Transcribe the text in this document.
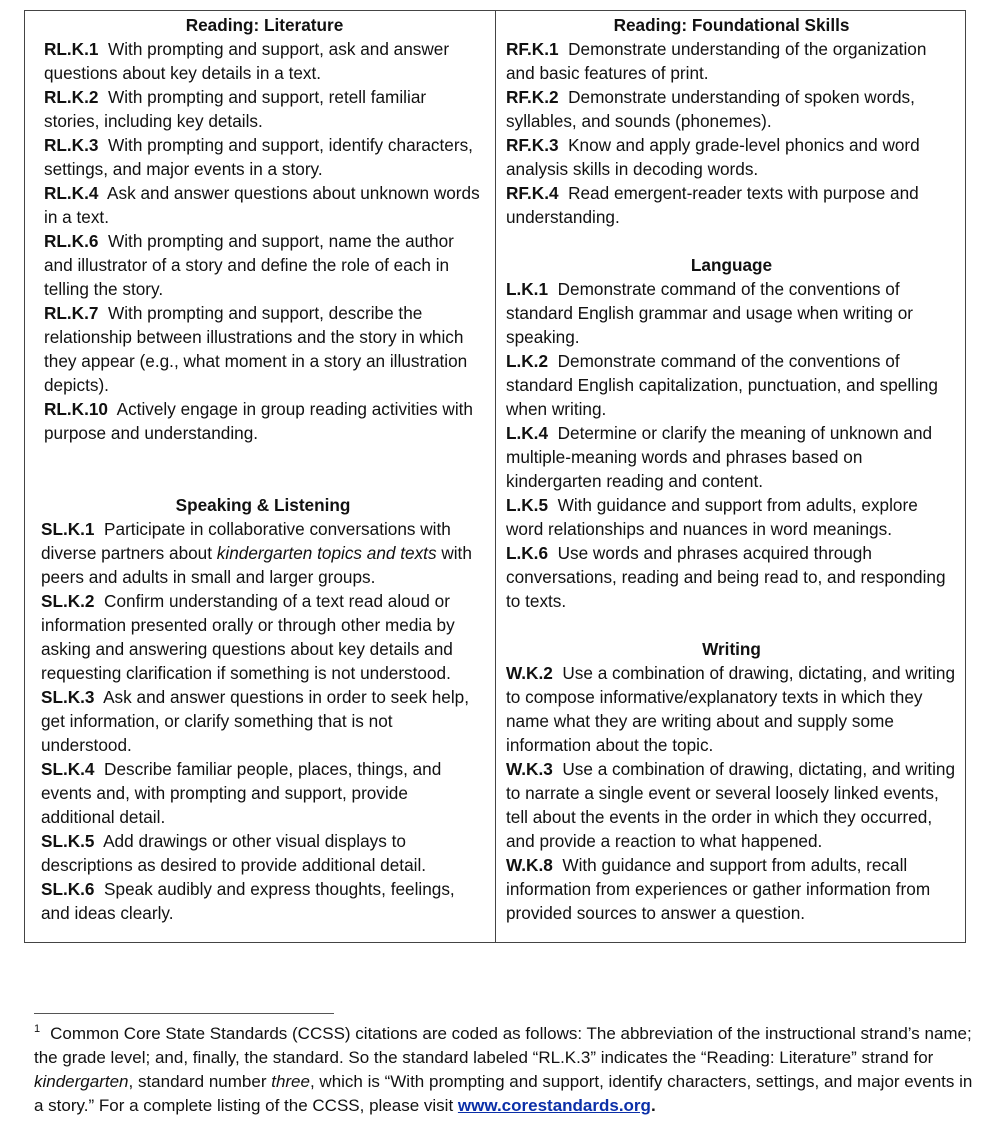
Reading: Literature
RL.K.1 With prompting and support, ask and answer questions about key details in a text.
RL.K.2 With prompting and support, retell familiar stories, including key details.
RL.K.3 With prompting and support, identify characters, settings, and major events in a story.
RL.K.4 Ask and answer questions about unknown words in a text.
RL.K.6 With prompting and support, name the author and illustrator of a story and define the role of each in telling the story.
RL.K.7 With prompting and support, describe the relationship between illustrations and the story in which they appear (e.g., what moment in a story an illustration depicts).
RL.K.10 Actively engage in group reading activities with purpose and understanding.
Speaking & Listening
SL.K.1 Participate in collaborative conversations with diverse partners about kindergarten topics and texts with peers and adults in small and larger groups.
SL.K.2 Confirm understanding of a text read aloud or information presented orally or through other media by asking and answering questions about key details and requesting clarification if something is not understood.
SL.K.3 Ask and answer questions in order to seek help, get information, or clarify something that is not understood.
SL.K.4 Describe familiar people, places, things, and events and, with prompting and support, provide additional detail.
SL.K.5 Add drawings or other visual displays to descriptions as desired to provide additional detail.
SL.K.6 Speak audibly and express thoughts, feelings, and ideas clearly.
Reading: Foundational Skills
RF.K.1 Demonstrate understanding of the organization and basic features of print.
RF.K.2 Demonstrate understanding of spoken words, syllables, and sounds (phonemes).
RF.K.3 Know and apply grade-level phonics and word analysis skills in decoding words.
RF.K.4 Read emergent-reader texts with purpose and understanding.
Language
L.K.1 Demonstrate command of the conventions of standard English grammar and usage when writing or speaking.
L.K.2 Demonstrate command of the conventions of standard English capitalization, punctuation, and spelling when writing.
L.K.4 Determine or clarify the meaning of unknown and multiple-meaning words and phrases based on kindergarten reading and content.
L.K.5 With guidance and support from adults, explore word relationships and nuances in word meanings.
L.K.6 Use words and phrases acquired through conversations, reading and being read to, and responding to texts.
Writing
W.K.2 Use a combination of drawing, dictating, and writing to compose informative/explanatory texts in which they name what they are writing about and supply some information about the topic.
W.K.3 Use a combination of drawing, dictating, and writing to narrate a single event or several loosely linked events, tell about the events in the order in which they occurred, and provide a reaction to what happened.
W.K.8 With guidance and support from adults, recall information from experiences or gather information from provided sources to answer a question.
$^1$ Common Core State Standards (CCSS) citations are coded as follows: The abbreviation of the instructional strand’s name; the grade level; and, finally, the standard. So the standard labeled “RL.K.3” indicates the “Reading: Literature” strand for kindergarten, standard number three, which is “With prompting and support, identify characters, settings, and major events in a story.” For a complete listing of the CCSS, please visit www.corestandards.org.
